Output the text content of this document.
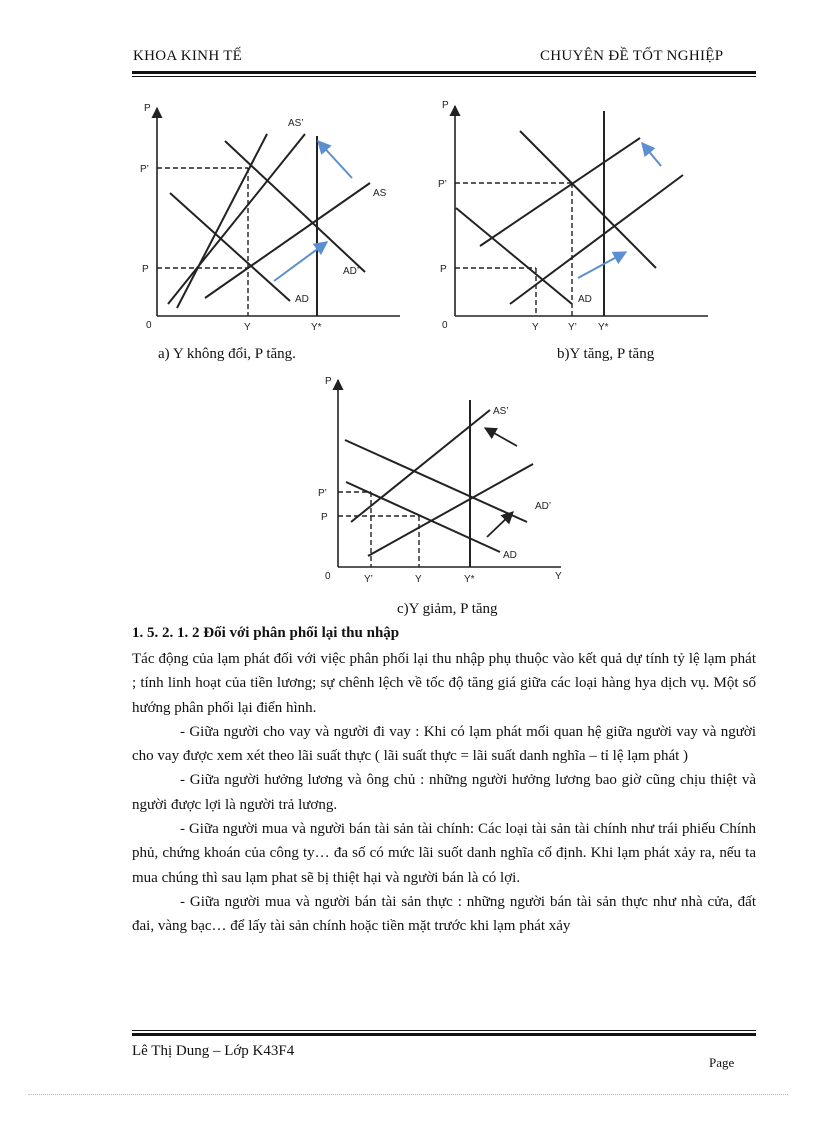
KHOA KINH TẾ	CHUYÊN ĐỀ TỐT NGHIỆP
P
0
P’
P
Y	Y*
AS’
AS
AD’
AD
a) Y không đổi, P tăng.
P
0
P’
P
Y	Y’ Y*
AD
b)Y tăng, P tăng
P
0
P’
P
Y’	Y	Y*	Y
AS’
AD’
AD
c)Y giảm, P tăng
1. 5. 2. 1. 2 Đối với phân phối lại thu nhập

Tác động của lạm phát đối với việc phân phối lại thu nhập phụ thuộc vào kết quả dự tính tỷ lệ lạm phát ; tính linh hoạt của tiền lương; sự chênh lệch về tốc độ tăng giá giữa các loại hàng hya dịch vụ. Một số hướng phân phối lại điển hình.

- Giữa người cho vay và người đi vay : Khi có lạm phát mối quan hệ giữa người vay và người cho vay được xem xét theo lãi suất thực ( lãi suất thực = lãi suất danh nghĩa – tỉ lệ lạm phát )

- Giữa người hưởng lương và ông chủ : những người hưởng lương bao giờ cũng chịu thiệt và người được lợi là người trả lương.

- Giữa người mua và người bán tài sản tài chính: Các loại tài sản tài chính như trái phiếu Chính phủ, chứng khoán của công ty… đa số có mức lãi suốt danh nghĩa cố định. Khi lạm phát xảy ra, nếu ta mua chúng thì sau lạm phat sẽ bị thiệt hại và người bán là có lợi.

- Giữa người mua và người bán tài sản thực : những người bán tài sản thực như nhà cửa, đất đai, vàng bạc… để lấy tài sản chính hoặc tiền mặt trước khi lạm phát xảy

Lê Thị Dung – Lớp K43F4
Page
